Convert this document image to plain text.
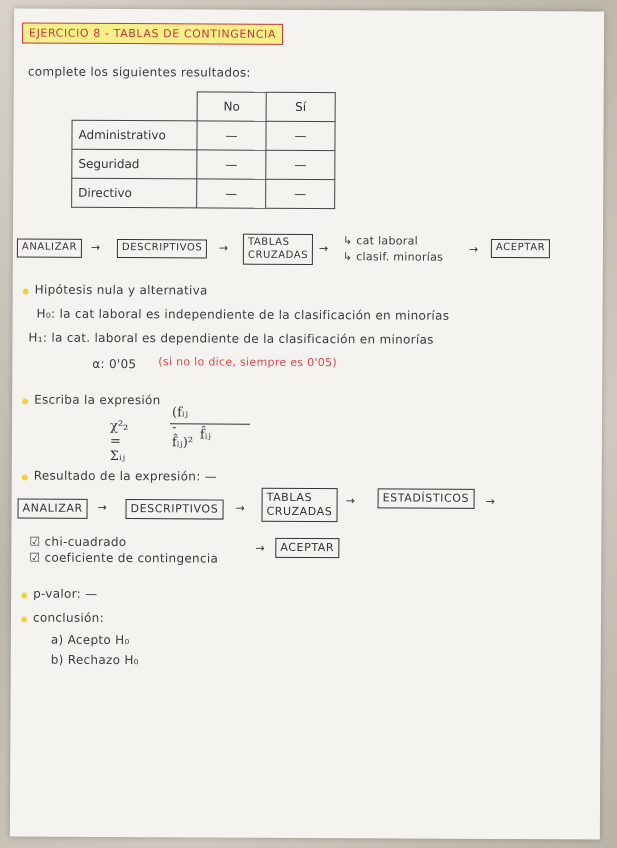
EJERCICIO 8 - TABLAS DE CONTINGENCIA
complete los siguientes resultados:
	No	Sí
Administrativo	—	—
Seguridad	—	—
Directivo	—	—
ANALIZAR	→	DESCRIPTIVOS	→ TABLAS
CRUZADAS →
↳ cat laboral
↳ clasif. minorías
→	ACEPTAR
Hipótesis nula y alternativa
H₀: la cat laboral es independiente de la clasificación en minorías
H₁: la cat. laboral es dependiente de la clasificación en minorías
α: 0'05 (si no lo dice, siempre es 0'05)
Escriba la expresión
χ²₂ = Σᵢⱼ
(fᵢⱼ - f̂ᵢⱼ)²
f̂ᵢⱼ
Resultado de la expresión: —
ANALIZAR	→	DESCRIPTIVOS	→
TABLAS
CRUZADAS
→	ESTADÍSTICOS	→
☑ chi-cuadrado
☑ coeficiente de contingencia
→	ACEPTAR
p-valor: —
conclusión:
a) Acepto H₀
b) Rechazo H₀
